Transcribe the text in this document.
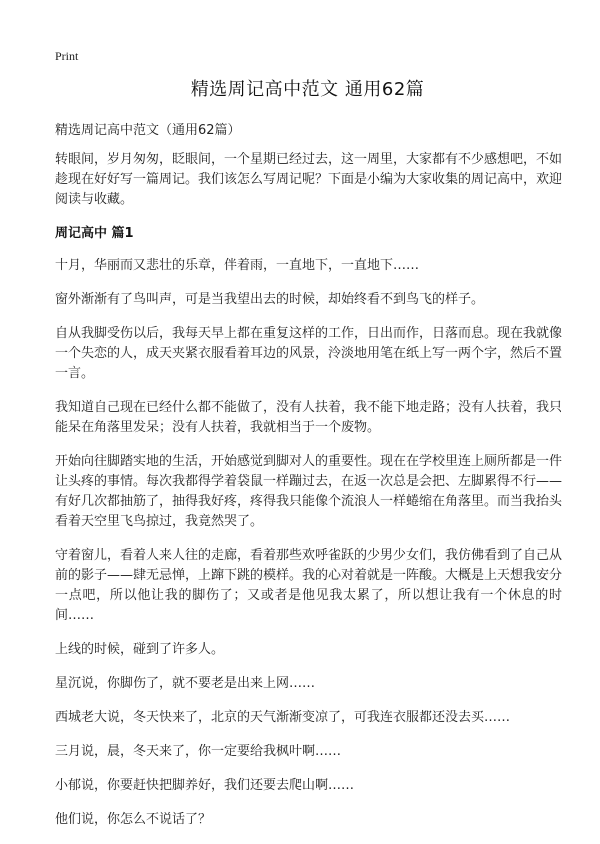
Print
精选周记高中范文 通用62篇
精选周记高中范文（通用62篇）

转眼间，岁月匆匆，眨眼间，一个星期已经过去，这一周里，大家都有不少感想吧，不如趁现在好好写一篇周记。我们该怎么写周记呢？下面是小编为大家收集的周记高中，欢迎阅读与收藏。

周记高中 篇1

十月，华丽而又悲壮的乐章，伴着雨，一直地下，一直地下……

窗外渐渐有了鸟叫声，可是当我望出去的时候，却始终看不到鸟飞的样子。

自从我脚受伤以后，我每天早上都在重复这样的工作，日出而作，日落而息。现在我就像一个失恋的人，成天夹紧衣服看着耳边的风景，泠淡地用笔在纸上写一两个字，然后不置一言。

我知道自己现在已经什么都不能做了，没有人扶着，我不能下地走路；没有人扶着，我只能呆在角落里发呆；没有人扶着，我就相当于一个废物。

开始向往脚踏实地的生活，开始感觉到脚对人的重要性。现在在学校里连上厕所都是一件让头疼的事情。每次我都得学着袋鼠一样蹦过去，在返一次总是会把、左脚累得不行——有好几次都抽筋了，抽得我好疼，疼得我只能像个流浪人一样蜷缩在角落里。而当我抬头看着天空里飞鸟掠过，我竟然哭了。

守着窗儿，看着人来人往的走廊，看着那些欢呼雀跃的少男少女们，我仿佛看到了自己从前的影子——肆无忌惮，上蹿下跳的模样。我的心对着就是一阵酸。大概是上天想我安分一点吧，所以他让我的脚伤了；又或者是他见我太累了，所以想让我有一个休息的时间……

上线的时候，碰到了许多人。

星沉说，你脚伤了，就不要老是出来上网……

西城老大说，冬天快来了，北京的天气渐渐变凉了，可我连衣服都还没去买……

三月说，晨，冬天来了，你一定要给我枫叶啊……

小郁说，你要赶快把脚养好，我们还要去爬山啊……

他们说，你怎么不说话了？
